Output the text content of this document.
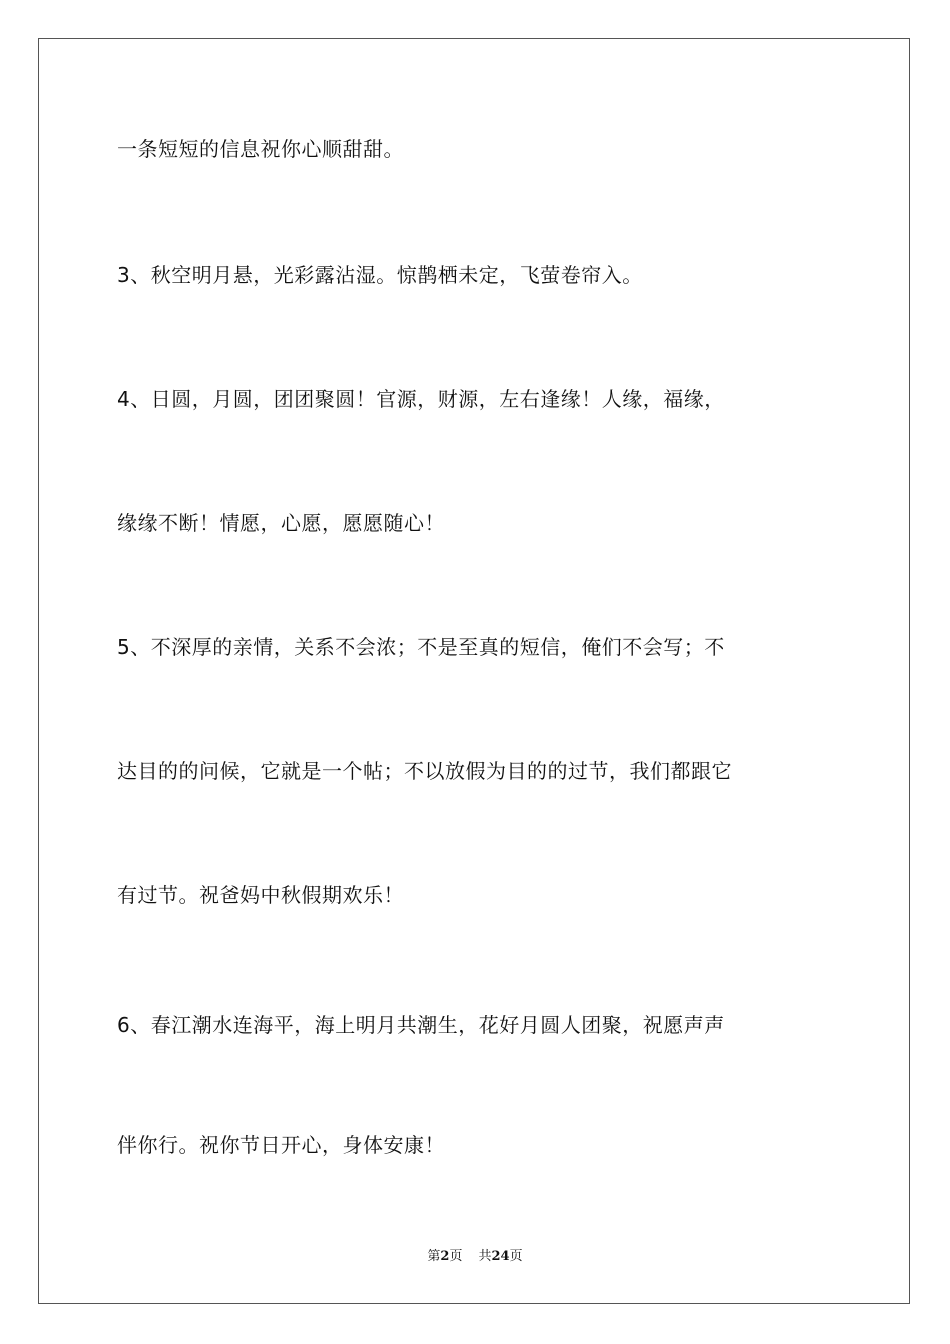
一条短短的信息祝你心顺甜甜。
3、秋空明月悬，光彩露沾湿。惊鹊栖未定，飞萤卷帘入。
4、日圆，月圆，团团聚圆！官源，财源，左右逢缘！人缘，福缘，
缘缘不断！情愿，心愿，愿愿随心！
5、不深厚的亲情，关系不会浓；不是至真的短信，俺们不会写；不
达目的的问候，它就是一个帖；不以放假为目的的过节，我们都跟它
有过节。祝爸妈中秋假期欢乐！
6、春江潮水连海平，海上明月共潮生，花好月圆人团聚，祝愿声声
伴你行。祝你节日开心，身体安康！
第2页 共24页
